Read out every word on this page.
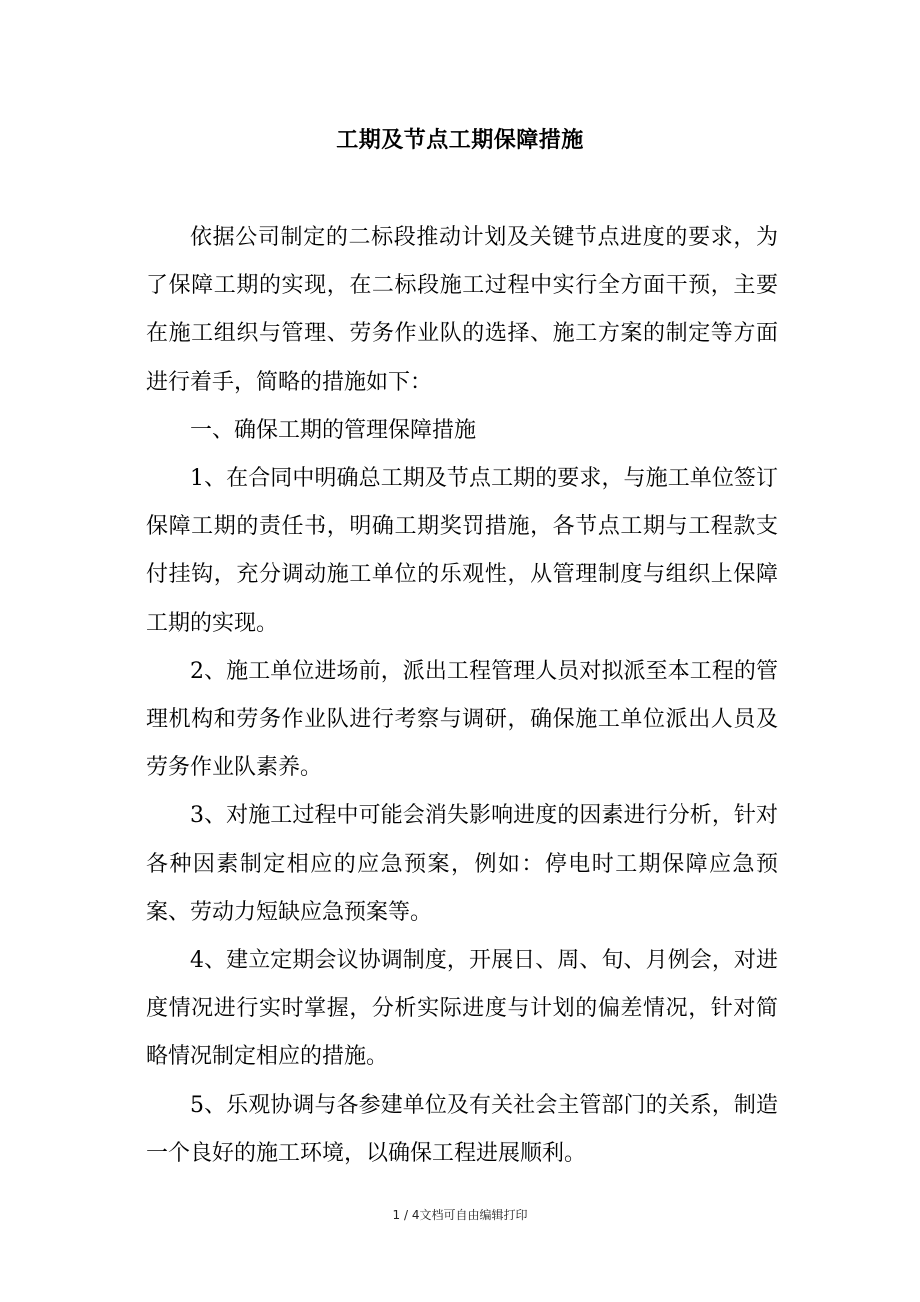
工期及节点工期保障措施

依据公司制定的二标段推动计划及关键节点进度的要求，为了保障工期的实现，在二标段施工过程中实行全方面干预，主要在施工组织与管理、劳务作业队的选择、施工方案的制定等方面进行着手，简略的措施如下：

一、确保工期的管理保障措施

1、在合同中明确总工期及节点工期的要求，与施工单位签订保障工期的责任书，明确工期奖罚措施，各节点工期与工程款支付挂钩，充分调动施工单位的乐观性，从管理制度与组织上保障工期的实现。

2、施工单位进场前，派出工程管理人员对拟派至本工程的管理机构和劳务作业队进行考察与调研，确保施工单位派出人员及劳务作业队素养。

3、对施工过程中可能会消失影响进度的因素进行分析，针对各种因素制定相应的应急预案，例如：停电时工期保障应急预案、劳动力短缺应急预案等。

4、建立定期会议协调制度，开展日、周、旬、月例会，对进度情况进行实时掌握，分析实际进度与计划的偏差情况，针对简略情况制定相应的措施。

5、乐观协调与各参建单位及有关社会主管部门的关系，制造一个良好的施工环境，以确保工程进展顺利。

1 / 4文档可自由编辑打印
